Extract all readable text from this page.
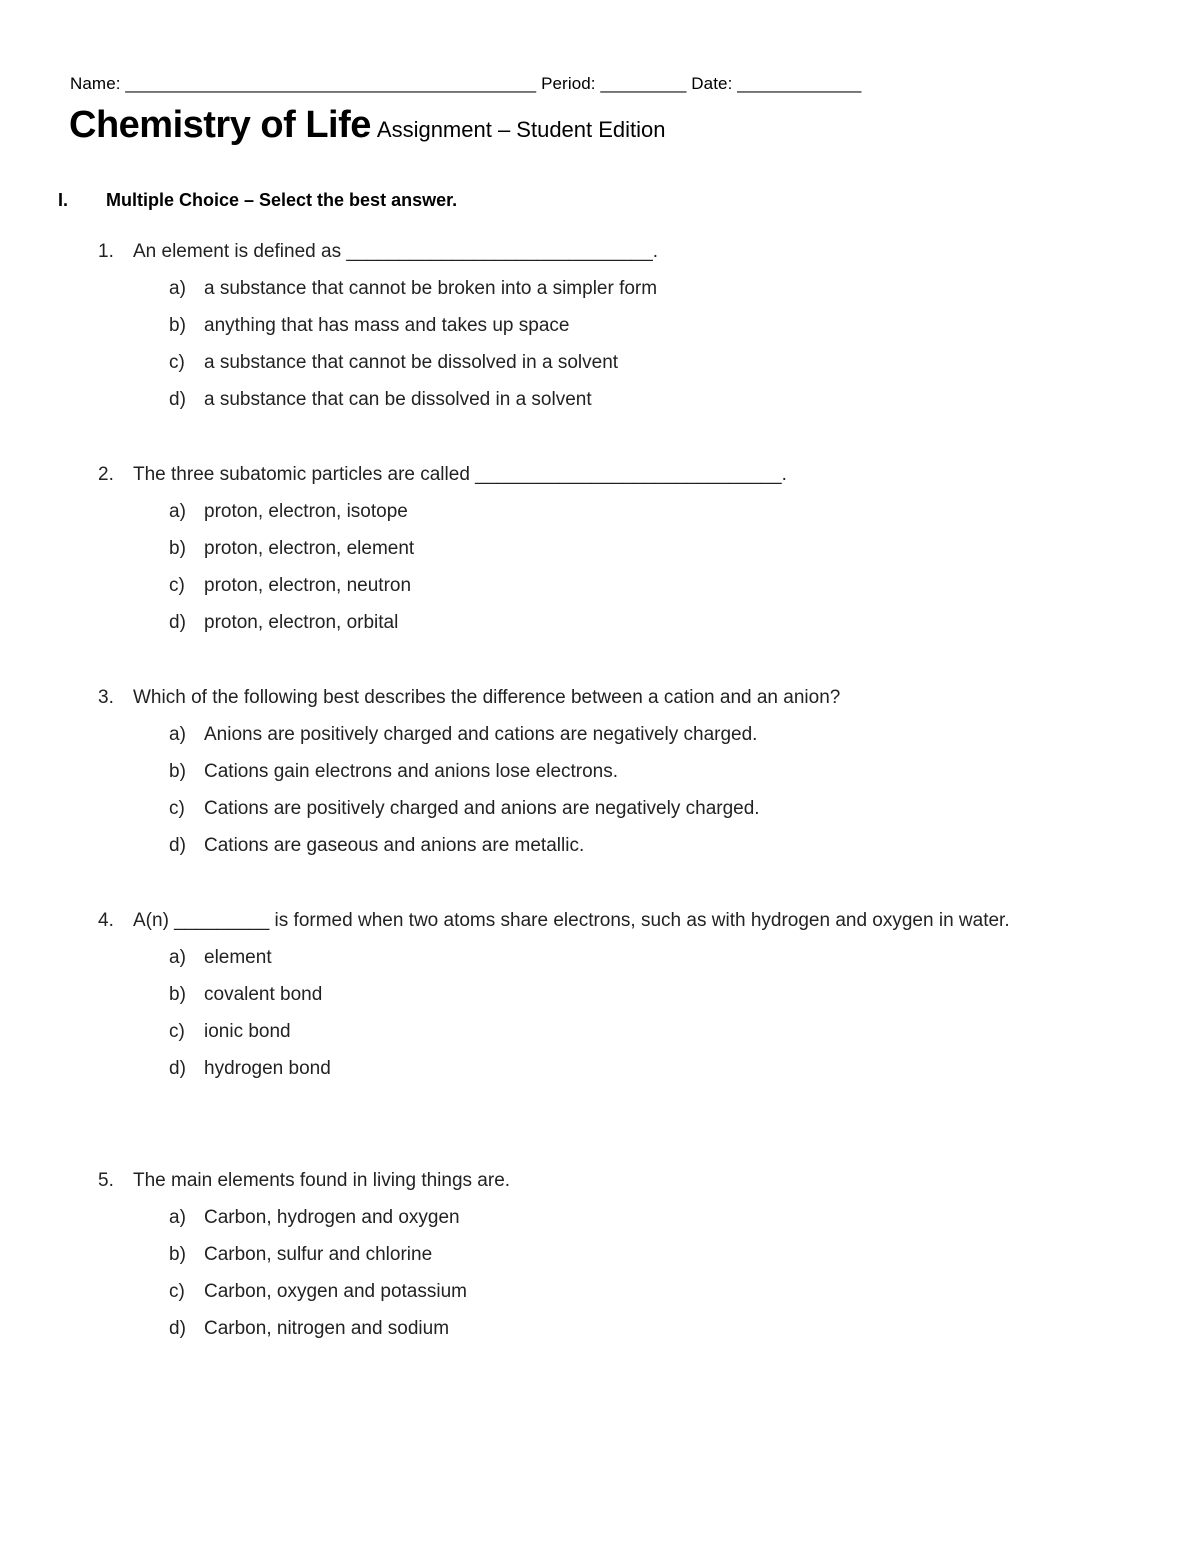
Name: ___________________________________________ Period: _________ Date: _____________
Chemistry of Life Assignment – Student Edition
I. Multiple Choice – Select the best answer.
1.	An element is defined as _____________________________.
a) a substance that cannot be broken into a simpler form
b) anything that has mass and takes up space
c)	a substance that cannot be dissolved in a solvent
d) a substance that can be dissolved in a solvent
2.	The three subatomic particles are called _____________________________.
a) proton, electron, isotope
b) proton, electron, element
c)	proton, electron, neutron
d) proton, electron, orbital
3.	Which of the following best describes the difference between a cation and an anion?
a) Anions are positively charged and cations are negatively charged.
b) Cations gain electrons and anions lose electrons.
c)	Cations are positively charged and anions are negatively charged.
d) Cations are gaseous and anions are metallic.
4.	A(n) _________ is formed when two atoms share electrons, such as with hydrogen and oxygen in water.
a) element
b) covalent bond
c)	ionic bond
d) hydrogen bond
5.	The main elements found in living things are.
a) Carbon, hydrogen and oxygen
b) Carbon, sulfur and chlorine
c)	Carbon, oxygen and potassium
d) Carbon, nitrogen and sodium
